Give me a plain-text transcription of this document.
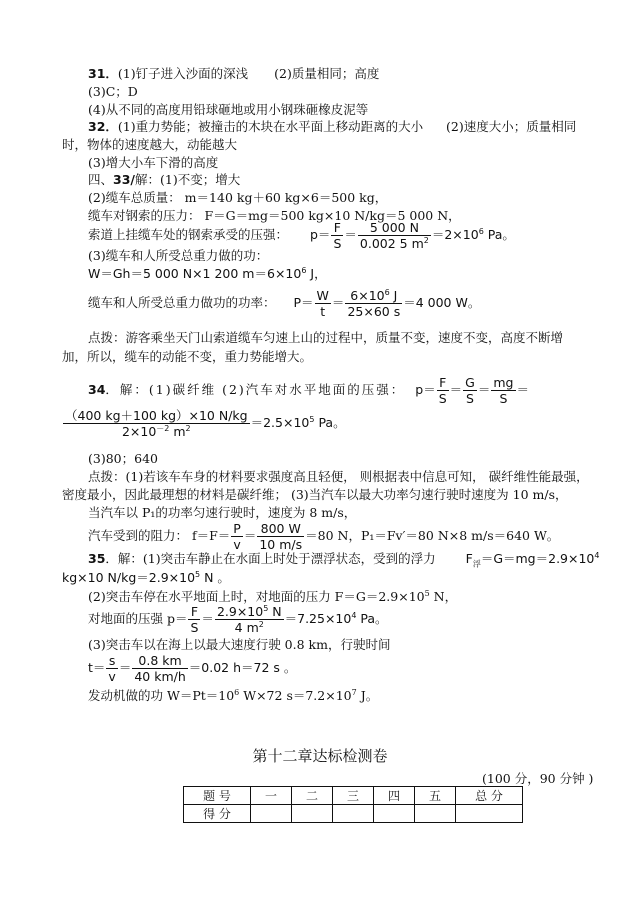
31．(1)钉子进入沙面的深浅 (2)质量相同；高度
(3)C；D
(4)从不同的高度用铅球砸地或用小钢珠砸橡皮泥等
32．(1)重力势能；被撞击的木块在水平面上移动距离的大小 (2)速度大小；质量相同
时，物体的速度越大，动能越大
(3)增大小车下滑的高度
四、33/解：(1)不变；增大
(2)缆车总质量： m＝140 kg＋60 kg×6＝500 kg，
缆车对钢索的压力： F＝G＝mg＝500 kg×10 N/kg＝5 000 N，
索道上挂缆车处的钢索承受的压强： $p= \frac{F}{S} = \frac{5 000 N}{0.002 5 m^2} =2\times 10^6$ Pa。
(3)缆车和人所受总重力做的功：
W＝Gh＝5 000 N×1 200 $m=6\times 10^6$ J，
缆车和人所受总重力做功的功率： $P= \frac{W}{t} = \frac{6\times 10^6 J}{25\times 60 s} =4$ 000 W。
点拨：游客乘坐天门山索道缆车匀速上山的过程中，质量不变，速度不变，高度不断增
加，所以，缆车的动能不变，重力势能增大。
34．解：(1)碳纤维 (2)汽车对水平地面的压强： $p= \frac{F}{S} = \frac{G}{S} = \frac{mg}{S}$ ＝
$\frac{(400 kg+100 kg)\times 10 N/kg}{2\times 10^{-2} m^2} =2.5\times 10^5$ Pa。
(3)80；640
点拨：(1)若该车车身的材料要求强度高且轻便， 则根据表中信息可知， 碳纤维性能最强，
密度最小，因此最理想的材料是碳纤维； (3)当汽车以最大功率匀速行驶时速度为 10 m/s，
当汽车以 P₁的功率匀速行驶时，速度为 8 m/s，
汽车受到的阻力： $f=F= \frac{P}{v} = \frac{800 W}{10 m/s} =80$ N，P₁＝Fv′＝80 N×8 m/s＝640 W。
35．解：(1)突击车静止在水面上时处于漂浮状态，受到的浮力 $F_浮=G=mg=2.9\times 10^4$
kg×10 $N/kg=2.9\times 10^5$ N 。
(2)突击车停在水平地面上时，对地面的压力 $F=G=2.9\times 10^5$ N，
对地面的压强 $p= \frac{F}{S} = \frac{2.9\times 10^5 N}{4 m^2} =7.25\times 10^4$ Pa。
(3)突击车以在海上以最大速度行驶 0.8 km，行驶时间
$t= \frac{s}{v} = \frac{0.8 km}{40 km/h} =0.02$ h＝72 s 。
发动机做的功 $W=Pt=10^6$ W×72 $s=7.2\times 10^7$ J。
第十二章达标检测卷
(100 分，90 分钟 )
题 号	一	二	三	四	五	总 分
得 分						
